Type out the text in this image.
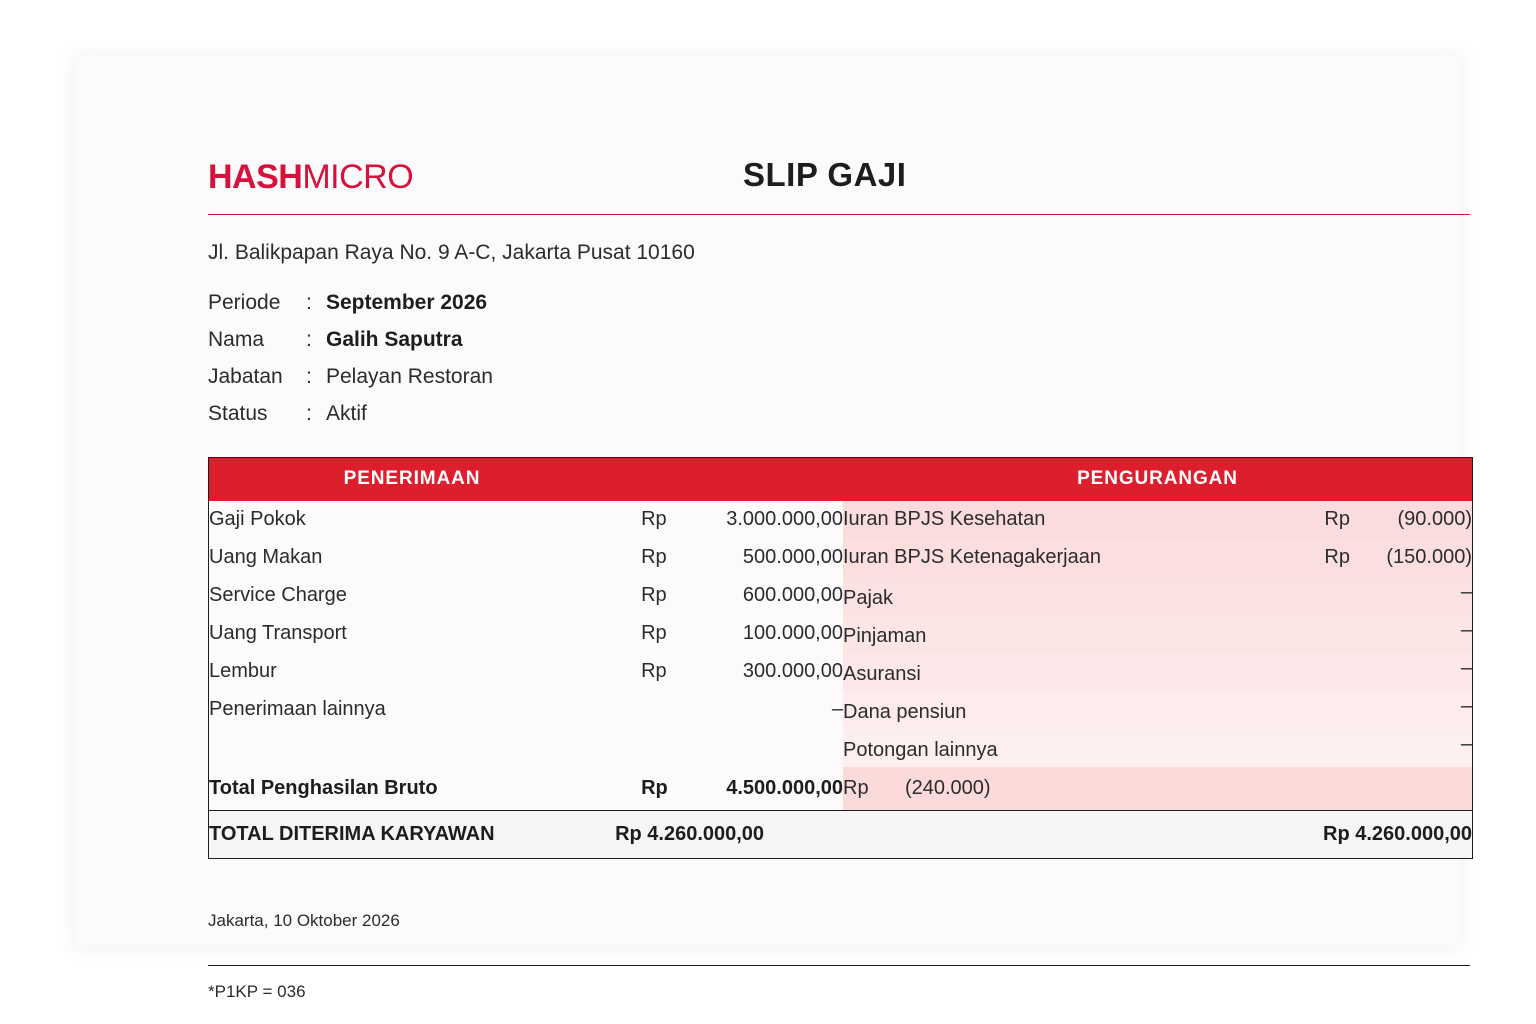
HASHMICRO	SLIP GAJI
Jl. Balikpapan Raya No. 9 A-C, Jakarta Pusat 10160
Periode	: September 2026
Nama	: Galih Saputra
Jabatan	: Pelayan Restoran
Status	: Aktif
PENERIMAAN		PENGURANGAN
Gaji Pokok	Rp 3.000.000,00	Iuran BPJS Kesehatan Rp (90.000)

Uang Makan	Rp 500.000,00	Iuran BPJS Ketenagakerjaan Rp (150.000)

Service Charge	Rp 600.000,00	Pajak –

Uang Transport	Rp 100.000,00	Pinjaman –

Lembur	Rp 300.000,00	Asuransi –

Penerimaan lainnya	–	Dana pensiun –

		Potongan lainnya –

Total Penghasilan Bruto	Rp 4.500.000,00	Rp (240.000)

TOTAL DITERIMA KARYAWAN	Rp 4.260.000,00	Rp 4.260.000,00
Jakarta, 10 Oktober 2026
*P1KP = 036
